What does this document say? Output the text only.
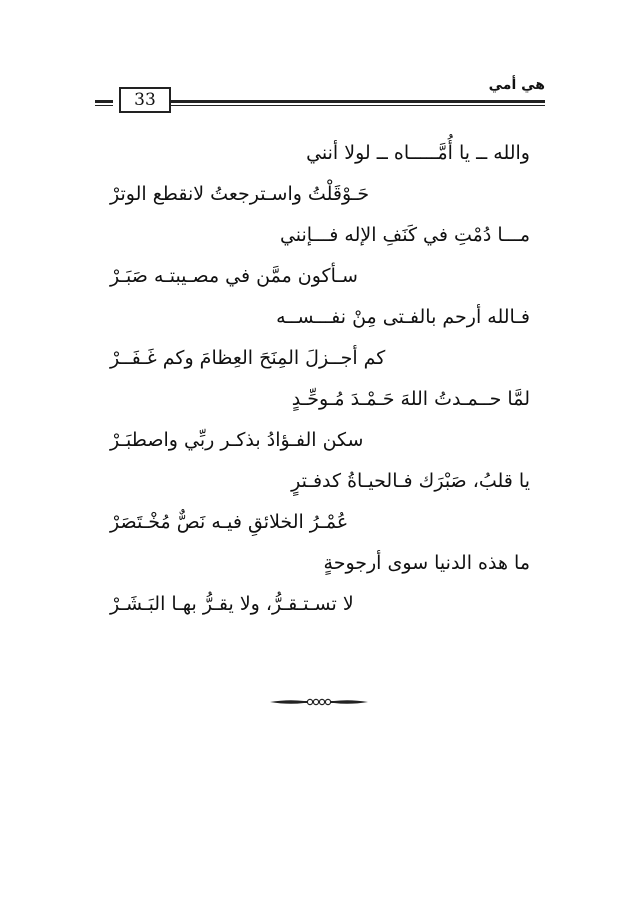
33
هي أمي
والله ــ يا أُمَّـــــاه ــ لولا أنني
حَـوْقَلْتُ واسـترجعتُ لانقطع الوترْ
مـــا دُمْتِ في كَنَفِ الإله فـــإنني
سـأكون ممَّن في مصـيبتـه صَبَـرْ
فـالله أرحم بالفـتى مِنْ نفـــســه
كم أجــزلَ المِنَحَ العِظامَ وكم غَـفَــرْ
لمَّا حــمـدتُ اللهَ حَـمْـدَ مُـوحِّـدٍ
سكن الفـؤادُ بذكـر ربِّي واصطبَـرْ
يا قلبُ، صَبْرَك فـالحيـاةُ كدفـترٍ
عُمْـرُ الخلائقِ فيـه نَصٌّ مُخْـتَصَرْ
ما هذه الدنيا سوى أرجوحةٍ
لا تسـتـقـرُّ، ولا يقـرُّ بهـا البَـشَـرْ
